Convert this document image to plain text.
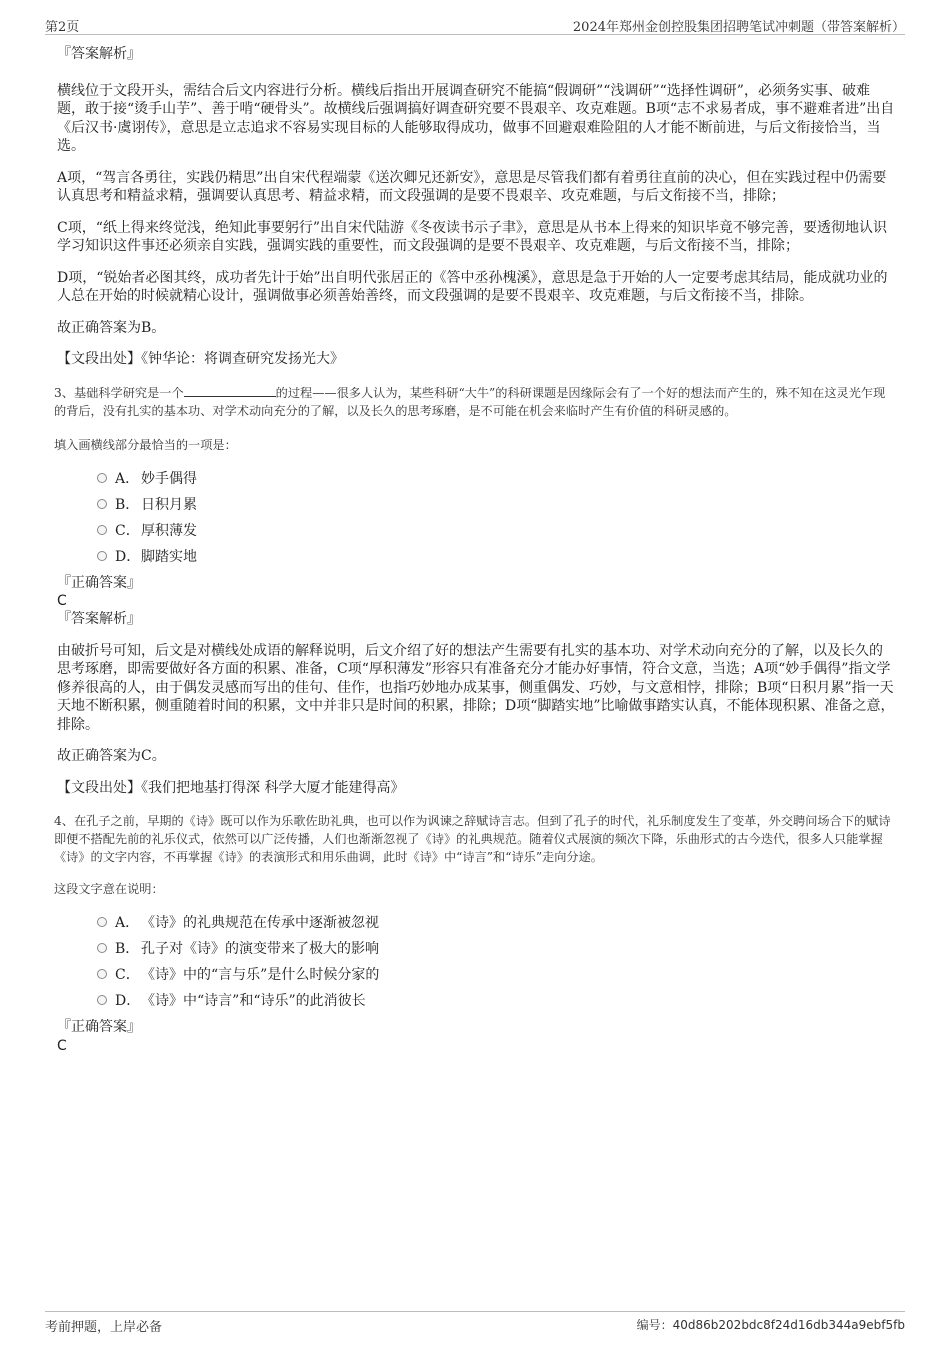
第2页	2024年郑州金创控股集团招聘笔试冲刺题（带答案解析）
『答案解析』

横线位于文段开头，需结合后文内容进行分析。横线后指出开展调查研究不能搞“假调研”“浅调研”“选择性调研”，必须务实事、破难题，敢于接“烫手山芋”、善于啃“硬骨头”。故横线后强调搞好调查研究要不畏艰辛、攻克难题。B项“志不求易者成，事不避难者进”出自《后汉书·虞诩传》，意思是立志追求不容易实现目标的人能够取得成功，做事不回避艰难险阻的人才能不断前进，与后文衔接恰当，当选。

A项，“驾言各勇往，实践仍精思”出自宋代程端蒙《送次卿兄还新安》，意思是尽管我们都有着勇往直前的决心，但在实践过程中仍需要认真思考和精益求精，强调要认真思考、精益求精，而文段强调的是要不畏艰辛、攻克难题，与后文衔接不当，排除；

C项，“纸上得来终觉浅，绝知此事要躬行”出自宋代陆游《冬夜读书示子聿》，意思是从书本上得来的知识毕竟不够完善，要透彻地认识学习知识这件事还必须亲自实践，强调实践的重要性，而文段强调的是要不畏艰辛、攻克难题，与后文衔接不当，排除；

D项，“锐始者必图其终，成功者先计于始”出自明代张居正的《答中丞孙槐溪》，意思是急于开始的人一定要考虑其结局，能成就功业的人总在开始的时候就精心设计，强调做事必须善始善终，而文段强调的是要不畏艰辛、攻克难题，与后文衔接不当，排除。

故正确答案为B。

【文段出处】《钟华论：将调查研究发扬光大》

3、基础科学研究是一个	的过程——很多人认为，某些科研“大牛”的科研课题是因缘际会有了一个好的想法而产生的，殊不知在这灵光乍现的背后，没有扎实的基本功、对学术动向充分的了解，以及长久的思考琢磨，是不可能在机会来临时产生有价值的科研灵感的。

填入画横线部分最恰当的一项是：

A． 妙手偶得
B． 日积月累
C．厚积薄发
D．脚踏实地
『正确答案』

C

『答案解析』

由破折号可知，后文是对横线处成语的解释说明，后文介绍了好的想法产生需要有扎实的基本功、对学术动向充分的了解，以及长久的思考琢磨，即需要做好各方面的积累、准备，C项“厚积薄发”形容只有准备充分才能办好事情，符合文意，当选；A项“妙手偶得”指文学修养很高的人，由于偶发灵感而写出的佳句、佳作，也指巧妙地办成某事，侧重偶发、巧妙，与文意相悖，排除；B项“日积月累”指一天天地不断积累，侧重随着时间的积累，文中并非只是时间的积累，排除；D项“脚踏实地”比喻做事踏实认真，不能体现积累、准备之意，排除。

故正确答案为C。

【文段出处】《我们把地基打得深 科学大厦才能建得高》

4、在孔子之前，早期的《诗》既可以作为乐歌佐助礼典，也可以作为讽谏之辞赋诗言志。但到了孔子的时代，礼乐制度发生了变革，外交聘问场合下的赋诗即便不搭配先前的礼乐仪式，依然可以广泛传播，人们也渐渐忽视了《诗》的礼典规范。随着仪式展演的频次下降，乐曲形式的古今迭代，很多人只能掌握《诗》的文字内容，不再掌握《诗》的表演形式和用乐曲调，此时《诗》中“诗言”和“诗乐”走向分途。

这段文字意在说明：

A． 《诗》的礼典规范在传承中逐渐被忽视
B． 孔子对《诗》的演变带来了极大的影响
C．《诗》中的“言与乐”是什么时候分家的
D．《诗》中“诗言”和“诗乐”的此消彼长
『正确答案』

C

考前押题，上岸必备	编号：40d86b202bdc8f24d16db344a9ebf5fb
